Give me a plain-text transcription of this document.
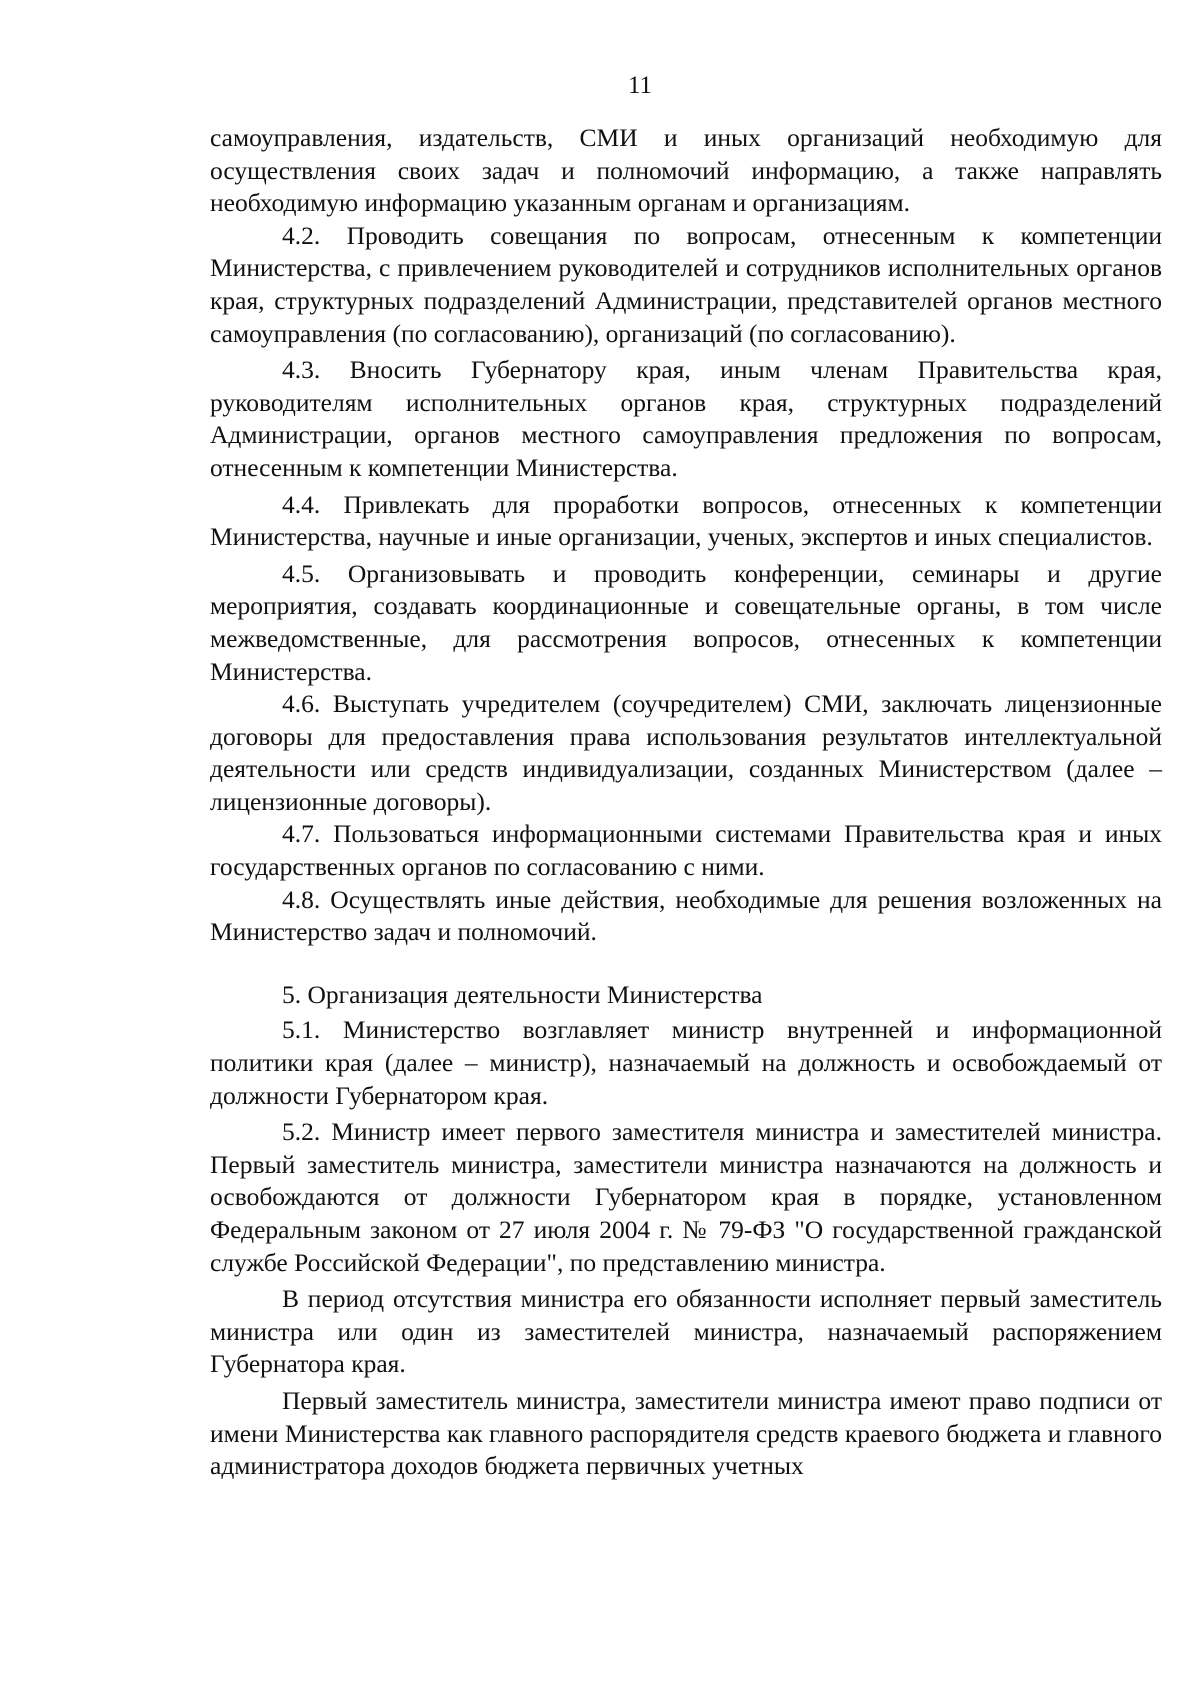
11

самоуправления, издательств, СМИ и иных организаций необходимую для осуществления своих задач и полномочий информацию, а также направлять необходимую информацию указанным органам и организациям.

4.2. Проводить совещания по вопросам, отнесенным к компетенции Министерства, с привлечением руководителей и сотрудников исполнительных органов края, структурных подразделений Администрации, представителей органов местного самоуправления (по согласованию), организаций (по согласованию).

4.3. Вносить Губернатору края, иным членам Правительства края, руководителям исполнительных органов края, структурных подразделений Администрации, органов местного самоуправления предложения по вопросам, отнесенным к компетенции Министерства.

4.4. Привлекать для проработки вопросов, отнесенных к компетенции Министерства, научные и иные организации, ученых, экспертов и иных специалистов.

4.5. Организовывать и проводить конференции, семинары и другие мероприятия, создавать координационные и совещательные органы, в том числе межведомственные, для рассмотрения вопросов, отнесенных к компетенции Министерства.

4.6. Выступать учредителем (соучредителем) СМИ, заключать лицензионные договоры для предоставления права использования результатов интеллектуальной деятельности или средств индивидуализации, созданных Министерством (далее – лицензионные договоры).

4.7. Пользоваться информационными системами Правительства края и иных государственных органов по согласованию с ними.

4.8. Осуществлять иные действия, необходимые для решения возложенных на Министерство задач и полномочий.

5. Организация деятельности Министерства

5.1. Министерство возглавляет министр внутренней и информационной политики края (далее – министр), назначаемый на должность и освобождаемый от должности Губернатором края.

5.2. Министр имеет первого заместителя министра и заместителей министра. Первый заместитель министра, заместители министра назначаются на должность и освобождаются от должности Губернатором края в порядке, установленном Федеральным законом от 27 июля 2004 г. № 79-ФЗ "О государственной гражданской службе Российской Федерации", по представлению министра.

В период отсутствия министра его обязанности исполняет первый заместитель министра или один из заместителей министра, назначаемый распоряжением Губернатора края.

Первый заместитель министра, заместители министра имеют право подписи от имени Министерства как главного распорядителя средств краевого бюджета и главного администратора доходов бюджета первичных учетных
